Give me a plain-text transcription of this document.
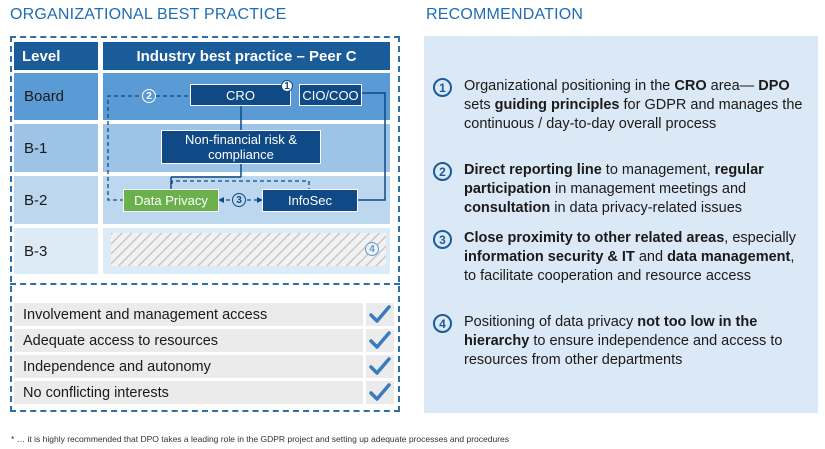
ORGANIZATIONAL BEST PRACTICE	RECOMMENDATION
Level	Industry best practice – Peer C
Board
B-1
B-2
B-3
CRO	CIO/COO
Non-financial risk & compliance
Data Privacy	InfoSec
1
2
3
4
Involvement and management access
Adequate access to resources
Independence and autonomy
No conflicting interests
1	Organizational positioning in the CRO area— DPO sets guiding principles for GDPR and manages the continuous / day-to-day overall process
2	Direct reporting line to management, regular participation in management meetings and consultation in data privacy-related issues
3	Close proximity to other related areas, especially information security & IT and data management, to facilitate cooperation and resource access
4	Positioning of data privacy not too low in the hierarchy to ensure independence and access to resources from other departments
* … it is highly recommended that DPO takes a leading role in the GDPR project and setting up adequate processes and procedures
